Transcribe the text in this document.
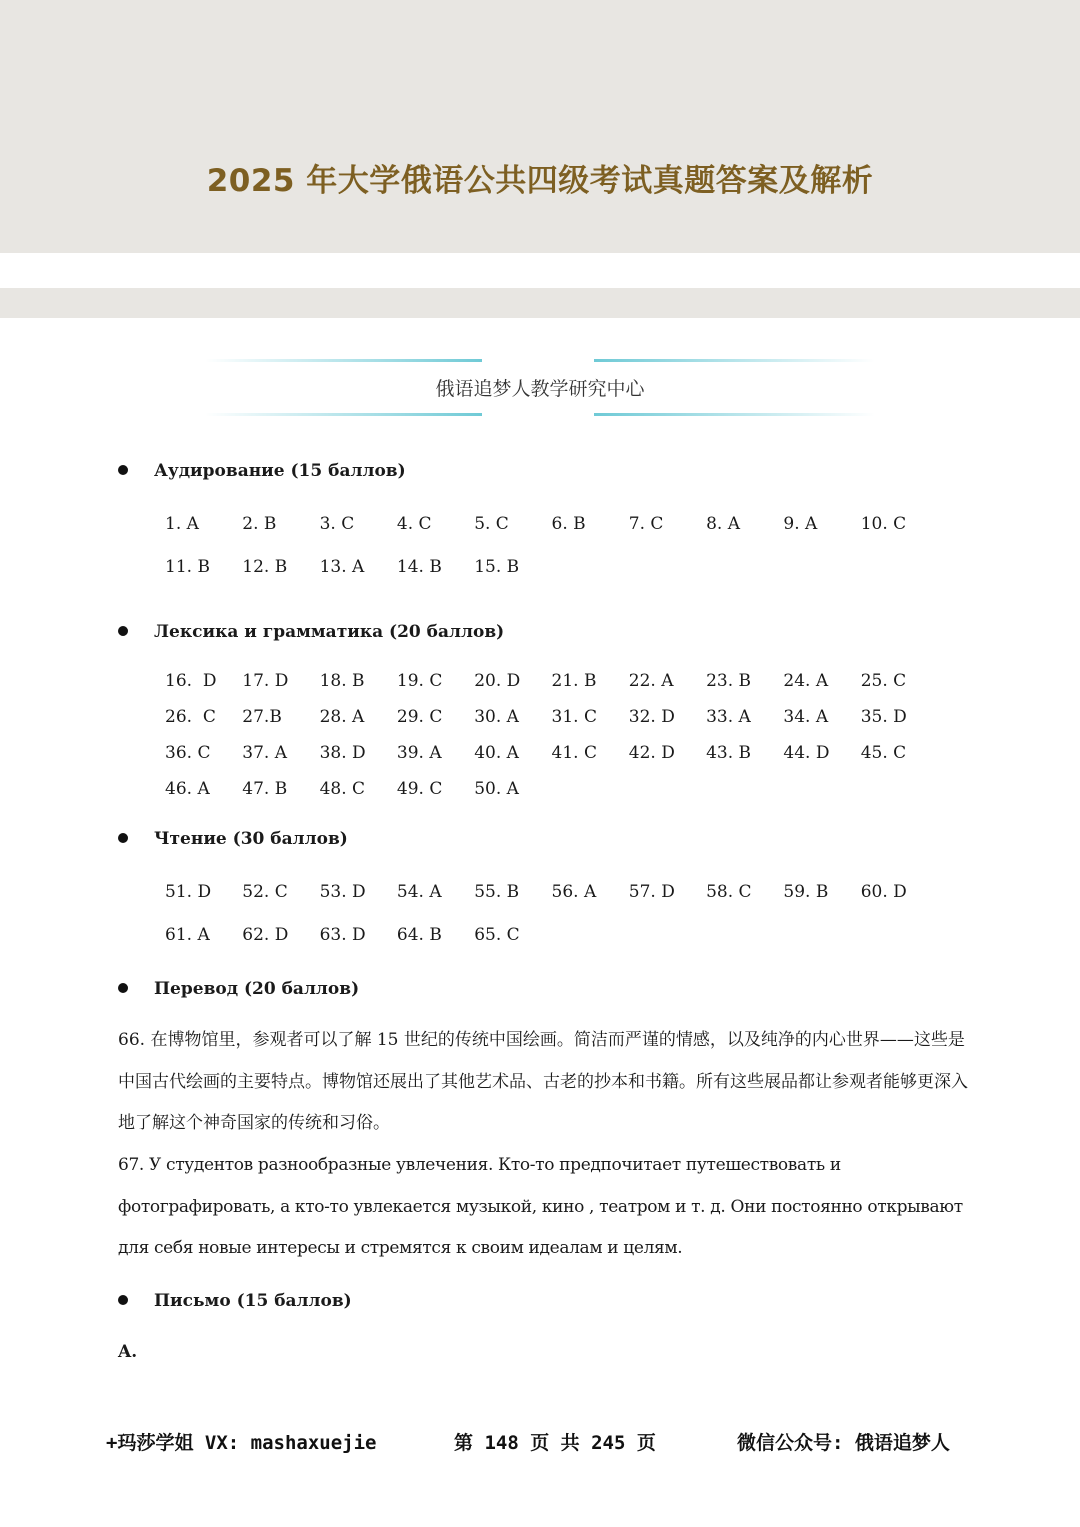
2025 年大学俄语公共四级考试真题答案及解析
俄语追梦人教学研究中心
Аудирование (15 баллов)
1. A	2. B	3. C	4. C	5. C	6. B	7. C	8. A	9. A	10. C
11. B	12. B	13. A	14. B	15. B
Лексика и грамматика (20 баллов)
16.  D	17. D	18. B	19. C	20. D	21. B	22. A	23. B	24. A	25. C
26.  C	27.B	28. A	29. C	30. A	31. C	32. D	33. A	34. A	35. D
36. C	37. A	38. D	39. A	40. A	41. C	42. D	43. B	44. D	45. C
46. A	47. B	48. C	49. C	50. A
Чтение (30 баллов)
51. D	52. C	53. D	54. A	55. B	56. A	57. D	58. C	59. B	60. D
61. A	62. D	63. D	64. B	65. C
Перевод (20 баллов)
66. 在博物馆里，参观者可以了解 15 世纪的传统中国绘画。简洁而严谨的情感，以及纯净的内心世界——这些是中国古代绘画的主要特点。博物馆还展出了其他艺术品、古老的抄本和书籍。所有这些展品都让参观者能够更深入地了解这个神奇国家的传统和习俗。
67. У студентов разнообразные увлечения. Кто-то предпочитает путешествовать и фотографировать, а кто-то увлекается музыкой, кино , театром и т. д. Они постоянно открывают для себя новые интересы и стремятся к своим идеалам и целям.
Письмо (15 баллов)
A.
+玛莎学姐 VX: mashaxuejie	第 148 页 共 245 页	微信公众号: 俄语追梦人
